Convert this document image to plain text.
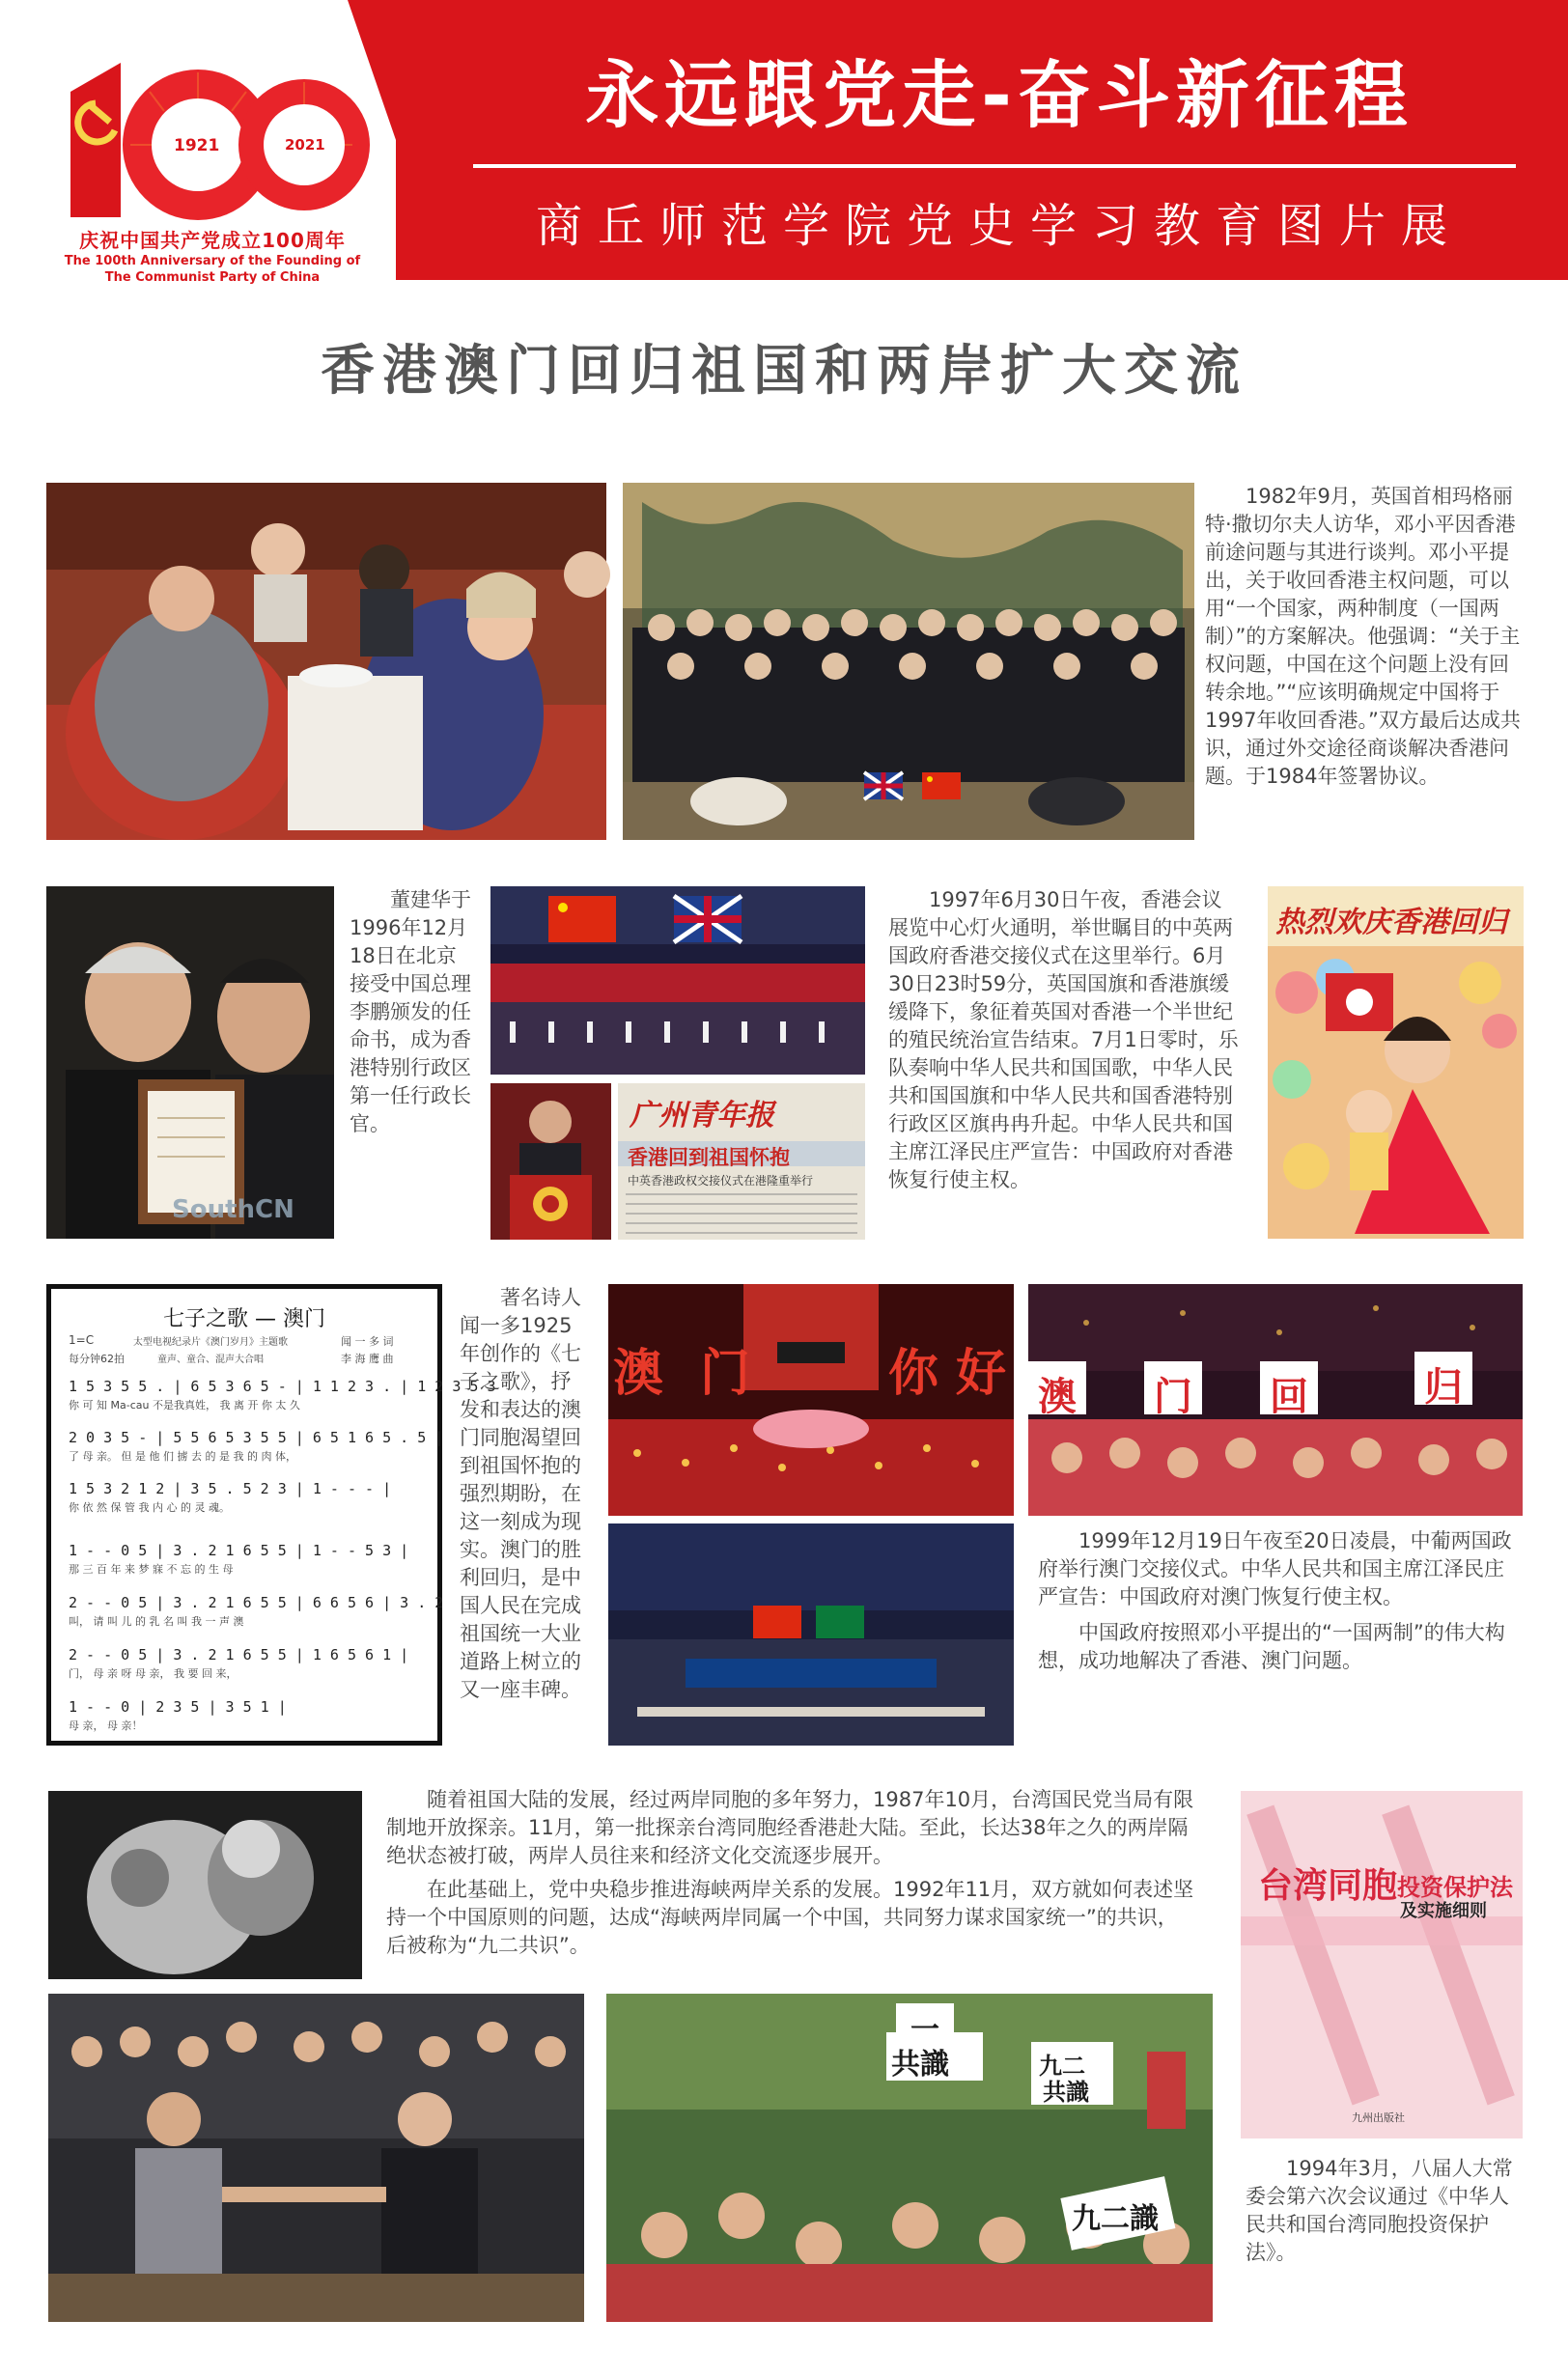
永远跟党走-奋斗新征程
商丘师范学院党史学习教育图片展
1921	2021
庆祝中国共产党成立100周年
The 100th Anniversary of the Founding of
The Communist Party of China
香港澳门回归祖国和两岸扩大交流

1982年9月，英国首相玛格丽特·撒切尔夫人访华，邓小平因香港前途问题与其进行谈判。邓小平提出，关于收回香港主权问题，可以用“一个国家，两种制度（一国两制）”的方案解决。他强调：“关于主权问题，中国在这个问题上没有回转余地。”“应该明确规定中国将于1997年收回香港。”双方最后达成共识，通过外交途径商谈解决香港问题。于1984年签署协议。

SouthCN

董建华于1996年12月18日在北京接受中国总理李鹏颁发的任命书，成为香港特别行政区第一任行政长官。	广州青年报
香港回到祖国怀抱
中英香港政权交接仪式在港隆重举行

1997年6月30日午夜，香港会议展览中心灯火通明，举世瞩目的中英两国政府香港交接仪式在这里举行。6月30日23时59分，英国国旗和香港旗缓缓降下，象征着英国对香港一个半世纪的殖民统治宣告结束。7月1日零时，乐队奏响中华人民共和国国歌，中华人民共和国国旗和中华人民共和国香港特别行政区区旗冉冉升起。中华人民共和国主席江泽民庄严宣告：中国政府对香港恢复行使主权。

热烈欢庆香港回归
七子之歌 — 澳门
1=C
每分钟62拍
太型电视纪录片《澳门岁月》主题歌
童声、童合、混声大合唱
闻 一 多 词
李 海 鹰 曲
1 5 3 5 5 . | 6 5 3 6 5 - | 1 1 2 3 . | 1 2 3 5 3
你 可 知 Ma-cau 不是我真姓， 我 离 开 你 太 久
2 0 3 5 - | 5 5 6 5 3 5 5 | 6 5 1 6 5 . 5 |
了 母 亲。 但 是 他 们 掳 去 的 是 我 的 肉 体，
1 5 3 2 1 2 | 3 5 . 5 2 3 | 1 - - - |
你 依 然 保 管 我 内 心 的 灵 魂。
1 - - 0 5 | 3 . 2 1 6 5 5 | 1 - - 5 3 |
那 三 百 年 来 梦 寐 不 忘 的 生 母
2 - - 0 5 | 3 . 2 1 6 5 5 | 6 6 5 6 | 3 . 2
叫， 请 叫 儿 的 乳 名 叫 我 一 声 澳
2 - - 0 5 | 3 . 2 1 6 5 5 | 1 6 5 6 1 |
门， 母 亲 呀 母 亲， 我 要 回 来，
1 - - 0 | 2 3 5 | 3 5 1 |
母 亲， 母 亲！

著名诗人闻一多1925年创作的《七子之歌》，抒发和表达的澳门同胞渴望回到祖国怀抱的强烈期盼，在这一刻成为现实。澳门的胜利回归，是中国人民在完成祖国统一大业道路上树立的又一座丰碑。

澳 门	你 好 澳 门 回	归

1999年12月19日午夜至20日凌晨，中葡两国政府举行澳门交接仪式。中华人民共和国主席江泽民庄严宣告：中国政府对澳门恢复行使主权。

中国政府按照邓小平提出的“一国两制”的伟大构想，成功地解决了香港、澳门问题。

随着祖国大陆的发展，经过两岸同胞的多年努力，1987年10月，台湾国民党当局有限制地开放探亲。11月，第一批探亲台湾同胞经香港赴大陆。至此，长达38年之久的两岸隔绝状态被打破，两岸人员往来和经济文化交流逐步展开。

在此基础上，党中央稳步推进海峡两岸关系的发展。1992年11月，双方就如何表述坚持一个中国原则的问题，达成“海峡两岸同属一个中国，共同努力谋求国家统一”的共识，后被称为“九二共识”。

台湾同胞 投资保护法
及实施细则
九州出版社

1994年3月，八届人大常委会第六次会议通过《中华人民共和国台湾同胞投资保护法》。

一
共識	九二
共識
九二識
